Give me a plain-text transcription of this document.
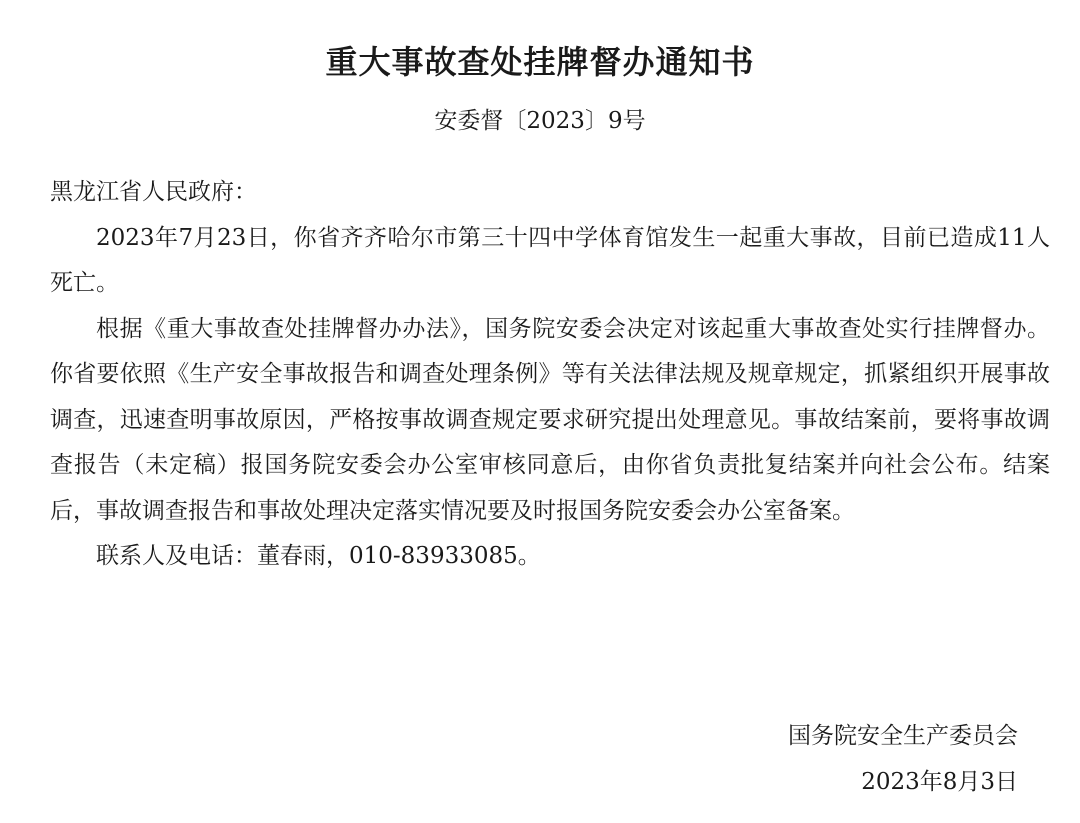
重大事故查处挂牌督办通知书
安委督〔2023〕9号

黑龙江省人民政府：

2023年7月23日，你省齐齐哈尔市第三十四中学体育馆发生一起重大事故，目前已造成11人死亡。

根据《重大事故查处挂牌督办办法》，国务院安委会决定对该起重大事故查处实行挂牌督办。你省要依照《生产安全事故报告和调查处理条例》等有关法律法规及规章规定，抓紧组织开展事故调查，迅速查明事故原因，严格按事故调查规定要求研究提出处理意见。事故结案前，要将事故调查报告（未定稿）报国务院安委会办公室审核同意后，由你省负责批复结案并向社会公布。结案后，事故调查报告和事故处理决定落实情况要及时报国务院安委会办公室备案。

联系人及电话：董春雨，010-83933085。

国务院安全生产委员会
2023年8月3日
